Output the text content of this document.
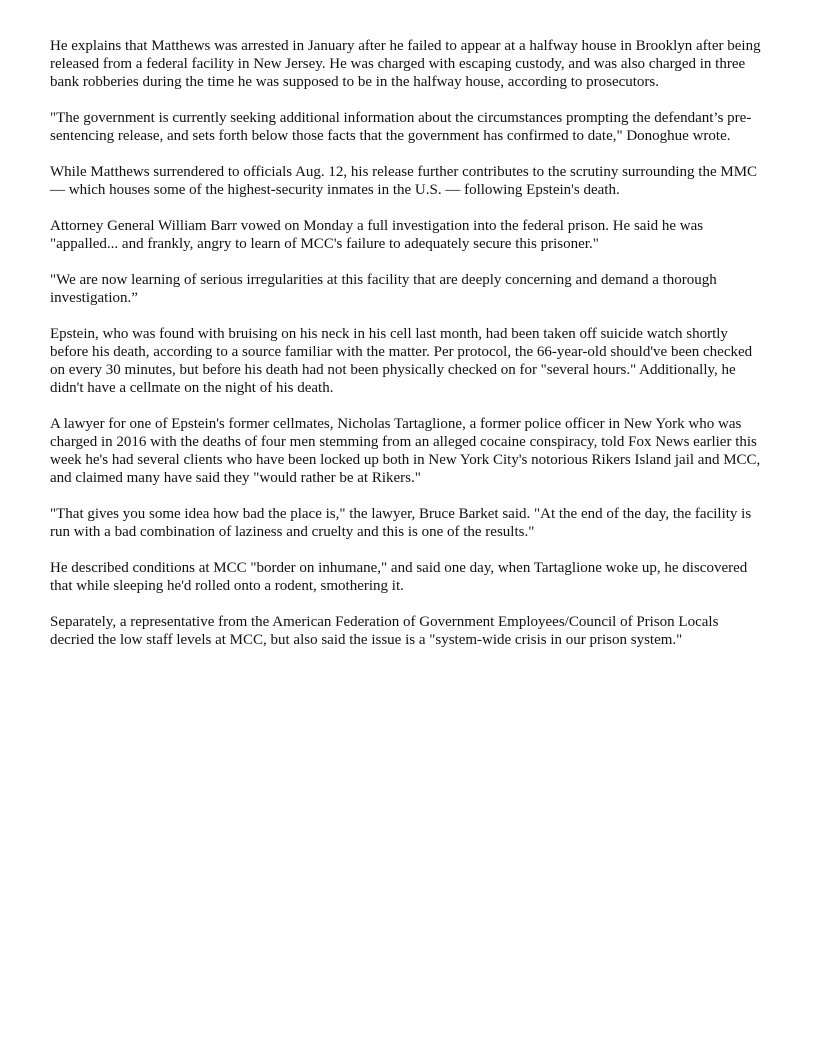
He explains that Matthews was arrested in January after he failed to appear at a halfway house in Brooklyn after being released from a federal facility in New Jersey. He was charged with escaping custody, and was also charged in three bank robberies during the time he was supposed to be in the halfway house, according to prosecutors.

"The government is currently seeking additional information about the circumstances prompting the defendant’s pre-sentencing release, and sets forth below those facts that the government has confirmed to date," Donoghue wrote.

While Matthews surrendered to officials Aug. 12, his release further contributes to the scrutiny surrounding the MMC — which houses some of the highest-security inmates in the U.S. — following Epstein's death.

Attorney General William Barr vowed on Monday a full investigation into the federal prison. He said he was "appalled... and frankly, angry to learn of MCC's failure to adequately secure this prisoner."

"We are now learning of serious irregularities at this facility that are deeply concerning and demand a thorough investigation.”

Epstein, who was found with bruising on his neck in his cell last month, had been taken off suicide watch shortly before his death, according to a source familiar with the matter. Per protocol, the 66-year-old should've been checked on every 30 minutes, but before his death had not been physically checked on for "several hours." Additionally, he didn't have a cellmate on the night of his death.

A lawyer for one of Epstein's former cellmates, Nicholas Tartaglione, a former police officer in New York who was charged in 2016 with the deaths of four men stemming from an alleged cocaine conspiracy, told Fox News earlier this week he's had several clients who have been locked up both in New York City's notorious Rikers Island jail and MCC, and claimed many have said they "would rather be at Rikers."

"That gives you some idea how bad the place is," the lawyer, Bruce Barket said. "At the end of the day, the facility is run with a bad combination of laziness and cruelty and this is one of the results."

He described conditions at MCC "border on inhumane," and said one day, when Tartaglione woke up, he discovered that while sleeping he'd rolled onto a rodent, smothering it.

Separately, a representative from the American Federation of Government Employees/Council of Prison Locals decried the low staff levels at MCC, but also said the issue is a "system-wide crisis in our prison system."
